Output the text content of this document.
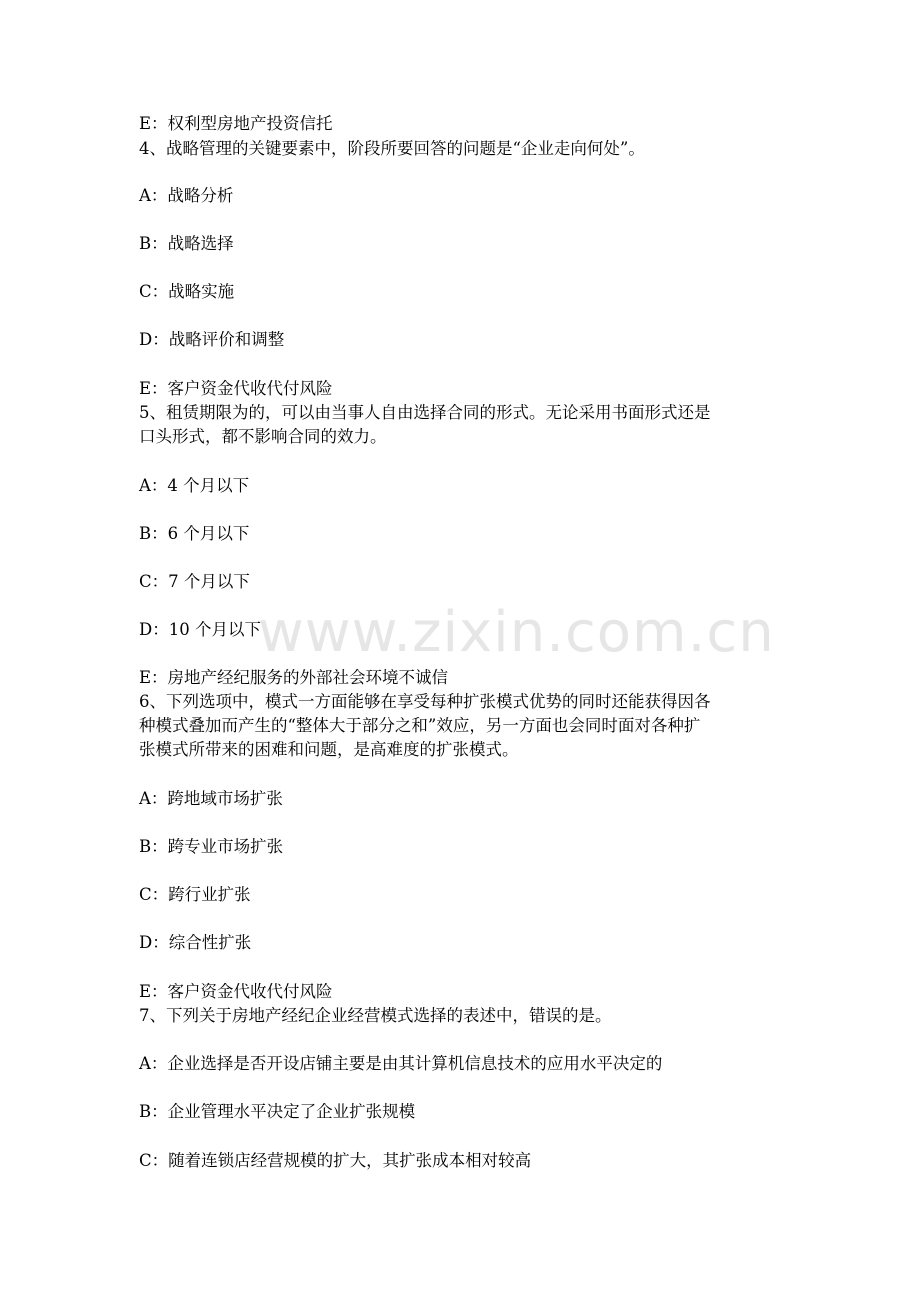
www.zixin.com.cn
E：权利型房地产投资信托
4、战略管理的关键要素中，阶段所要回答的问题是“企业走向何处”。
A：战略分析
B：战略选择
C：战略实施
D：战略评价和调整
E：客户资金代收代付风险
5、租赁期限为的，可以由当事人自由选择合同的形式。无论采用书面形式还是
口头形式，都不影响合同的效力。
A：4 个月以下
B：6 个月以下
C：7 个月以下
D：10 个月以下
E：房地产经纪服务的外部社会环境不诚信
6、下列选项中，模式一方面能够在享受每种扩张模式优势的同时还能获得因各
种模式叠加而产生的“整体大于部分之和”效应，另一方面也会同时面对各种扩
张模式所带来的困难和问题，是高难度的扩张模式。
A：跨地域市场扩张
B：跨专业市场扩张
C：跨行业扩张
D：综合性扩张
E：客户资金代收代付风险
7、下列关于房地产经纪企业经营模式选择的表述中，错误的是。
A：企业选择是否开设店铺主要是由其计算机信息技术的应用水平决定的
B：企业管理水平决定了企业扩张规模
C：随着连锁店经营规模的扩大，其扩张成本相对较高
